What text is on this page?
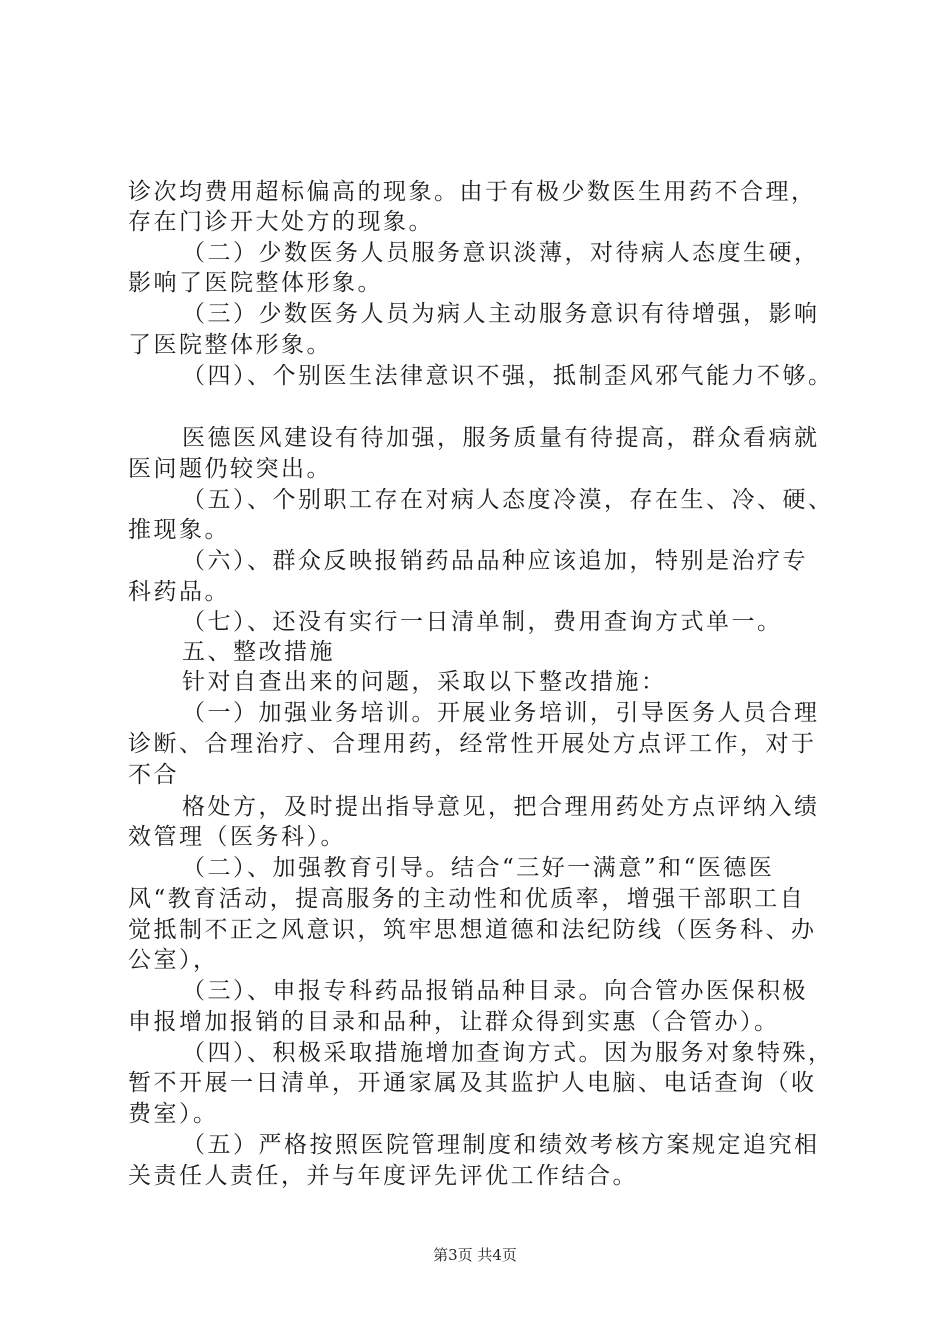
诊次均费用超标偏高的现象。由于有极少数医生用药不合理，
存在门诊开大处方的现象。
（二）少数医务人员服务意识淡薄，对待病人态度生硬，
影响了医院整体形象。
（三）少数医务人员为病人主动服务意识有待增强，影响
了医院整体形象。
（四）、个别医生法律意识不强，抵制歪风邪气能力不够。
医德医风建设有待加强，服务质量有待提高，群众看病就
医问题仍较突出。
（五）、个别职工存在对病人态度冷漠，存在生、冷、硬、
推现象。
（六）、群众反映报销药品品种应该追加，特别是治疗专
科药品。
（七）、还没有实行一日清单制，费用查询方式单一。
五、整改措施
针对自查出来的问题，采取以下整改措施：
（一）加强业务培训。开展业务培训，引导医务人员合理
诊断、合理治疗、合理用药，经常性开展处方点评工作，对于
不合
格处方，及时提出指导意见，把合理用药处方点评纳入绩
效管理（医务科）。
（二）、加强教育引导。结合“三好一满意”和“医德医
风“教育活动，提高服务的主动性和优质率，增强干部职工自
觉抵制不正之风意识，筑牢思想道德和法纪防线（医务科、办
公室），
（三）、申报专科药品报销品种目录。向合管办医保积极
申报增加报销的目录和品种，让群众得到实惠（合管办）。
（四）、积极采取措施增加查询方式。因为服务对象特殊，
暂不开展一日清单，开通家属及其监护人电脑、电话查询（收
费室）。
（五）严格按照医院管理制度和绩效考核方案规定追究相
关责任人责任，并与年度评先评优工作结合。
第3页 共4页
